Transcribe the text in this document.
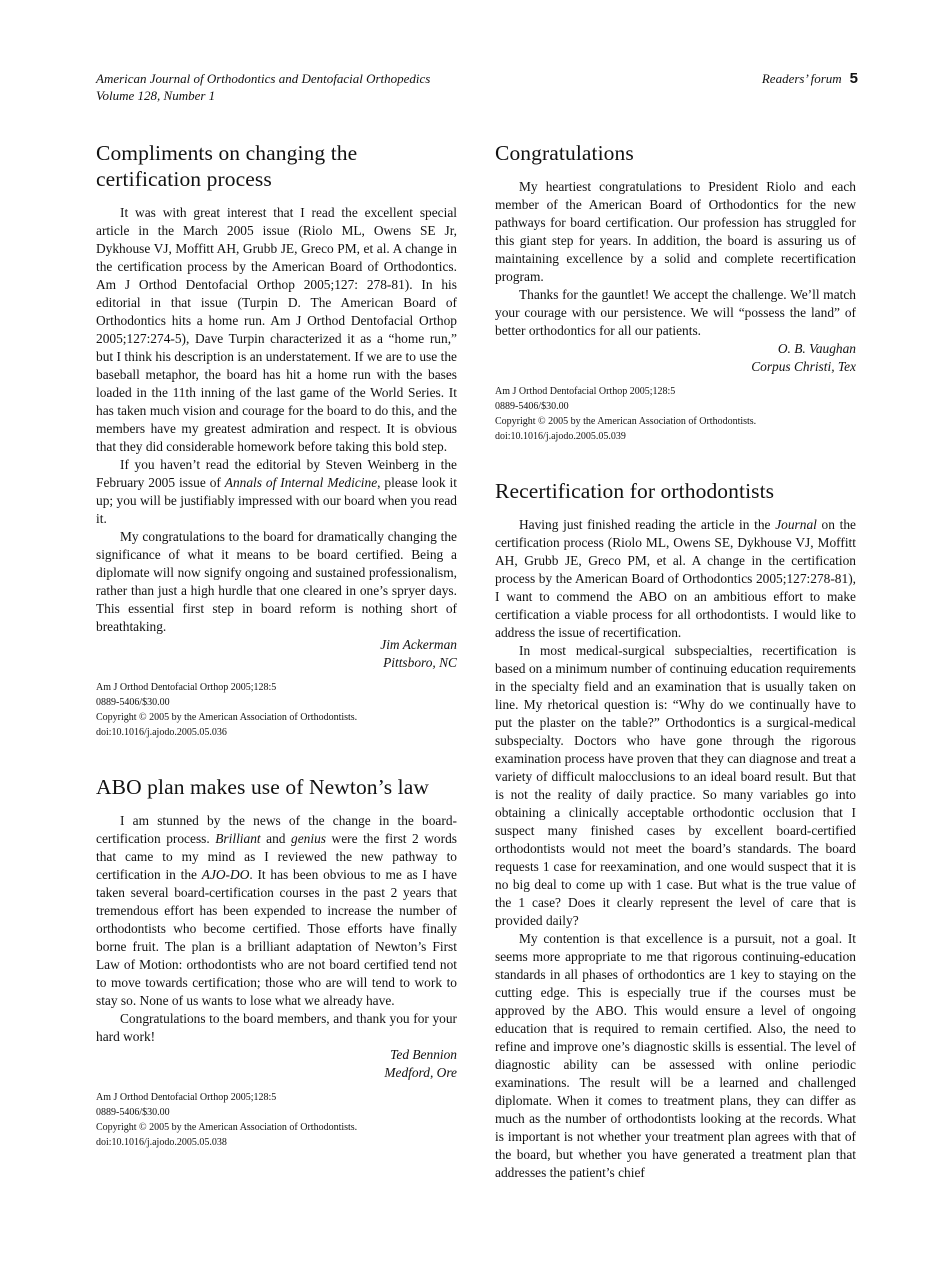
American Journal of Orthodontics and Dentofacial Orthopedics
Volume 128, Number 1
Readers’ forum 5
Compliments on changing the certification process

It was with great interest that I read the excellent special article in the March 2005 issue (Riolo ML, Owens SE Jr, Dykhouse VJ, Moffitt AH, Grubb JE, Greco PM, et al. A change in the certification process by the American Board of Orthodontics. Am J Orthod Dentofacial Orthop 2005;127: 278-81). In his editorial in that issue (Turpin D. The American Board of Orthodontics hits a home run. Am J Orthod Dentofacial Orthop 2005;127:274-5), Dave Turpin characterized it as a “home run,” but I think his description is an understatement. If we are to use the baseball metaphor, the board has hit a home run with the bases loaded in the 11th inning of the last game of the World Series. It has taken much vision and courage for the board to do this, and the members have my greatest admiration and respect. It is obvious that they did considerable homework before taking this bold step.

If you haven’t read the editorial by Steven Weinberg in the February 2005 issue of Annals of Internal Medicine, please look it up; you will be justifiably impressed with our board when you read it.

My congratulations to the board for dramatically changing the significance of what it means to be board certified. Being a diplomate will now signify ongoing and sustained professionalism, rather than just a high hurdle that one cleared in one’s spryer days. This essential first step in board reform is nothing short of breathtaking.

Jim Ackerman
Pittsboro, NC
Am J Orthod Dentofacial Orthop 2005;128:5
0889-5406/$30.00
Copyright © 2005 by the American Association of Orthodontists.
doi:10.1016/j.ajodo.2005.05.036
ABO plan makes use of Newton’s law

I am stunned by the news of the change in the board-certification process. Brilliant and genius were the first 2 words that came to my mind as I reviewed the new pathway to certification in the AJO-DO. It has been obvious to me as I have taken several board-certification courses in the past 2 years that tremendous effort has been expended to increase the number of orthodontists who become certified. Those efforts have finally borne fruit. The plan is a brilliant adaptation of Newton’s First Law of Motion: orthodontists who are not board certified tend not to move towards certification; those who are will tend to work to stay so. None of us wants to lose what we already have.

Congratulations to the board members, and thank you for your hard work!

Ted Bennion
Medford, Ore
Am J Orthod Dentofacial Orthop 2005;128:5
0889-5406/$30.00
Copyright © 2005 by the American Association of Orthodontists.
doi:10.1016/j.ajodo.2005.05.038
Congratulations

My heartiest congratulations to President Riolo and each member of the American Board of Orthodontics for the new pathways for board certification. Our profession has struggled for this giant step for years. In addition, the board is assuring us of maintaining excellence by a solid and complete recertification program.

Thanks for the gauntlet! We accept the challenge. We’ll match your courage with our persistence. We will “possess the land” of better orthodontics for all our patients.

O. B. Vaughan
Corpus Christi, Tex
Am J Orthod Dentofacial Orthop 2005;128:5
0889-5406/$30.00
Copyright © 2005 by the American Association of Orthodontists.
doi:10.1016/j.ajodo.2005.05.039
Recertification for orthodontists

Having just finished reading the article in the Journal on the certification process (Riolo ML, Owens SE, Dykhouse VJ, Moffitt AH, Grubb JE, Greco PM, et al. A change in the certification process by the American Board of Orthodontics 2005;127:278-81), I want to commend the ABO on an ambitious effort to make certification a viable process for all orthodontists. I would like to address the issue of recertification.

In most medical-surgical subspecialties, recertification is based on a minimum number of continuing education requirements in the specialty field and an examination that is usually taken on line. My rhetorical question is: “Why do we continually have to put the plaster on the table?” Orthodontics is a surgical-medical subspecialty. Doctors who have gone through the rigorous examination process have proven that they can diagnose and treat a variety of difficult malocclusions to an ideal board result. But that is not the reality of daily practice. So many variables go into obtaining a clinically acceptable orthodontic occlusion that I suspect many finished cases by excellent board-certified orthodontists would not meet the board’s standards. The board requests 1 case for reexamination, and one would suspect that it is no big deal to come up with 1 case. But what is the true value of the 1 case? Does it clearly represent the level of care that is provided daily?

My contention is that excellence is a pursuit, not a goal. It seems more appropriate to me that rigorous continuing-education standards in all phases of orthodontics are 1 key to staying on the cutting edge. This is especially true if the courses must be approved by the ABO. This would ensure a level of ongoing education that is required to remain certified. Also, the need to refine and improve one’s diagnostic skills is essential. The level of diagnostic ability can be assessed with online periodic examinations. The result will be a learned and challenged diplomate. When it comes to treatment plans, they can differ as much as the number of orthodontists looking at the records. What is important is not whether your treatment plan agrees with that of the board, but whether you have generated a treatment plan that addresses the patient’s chief
